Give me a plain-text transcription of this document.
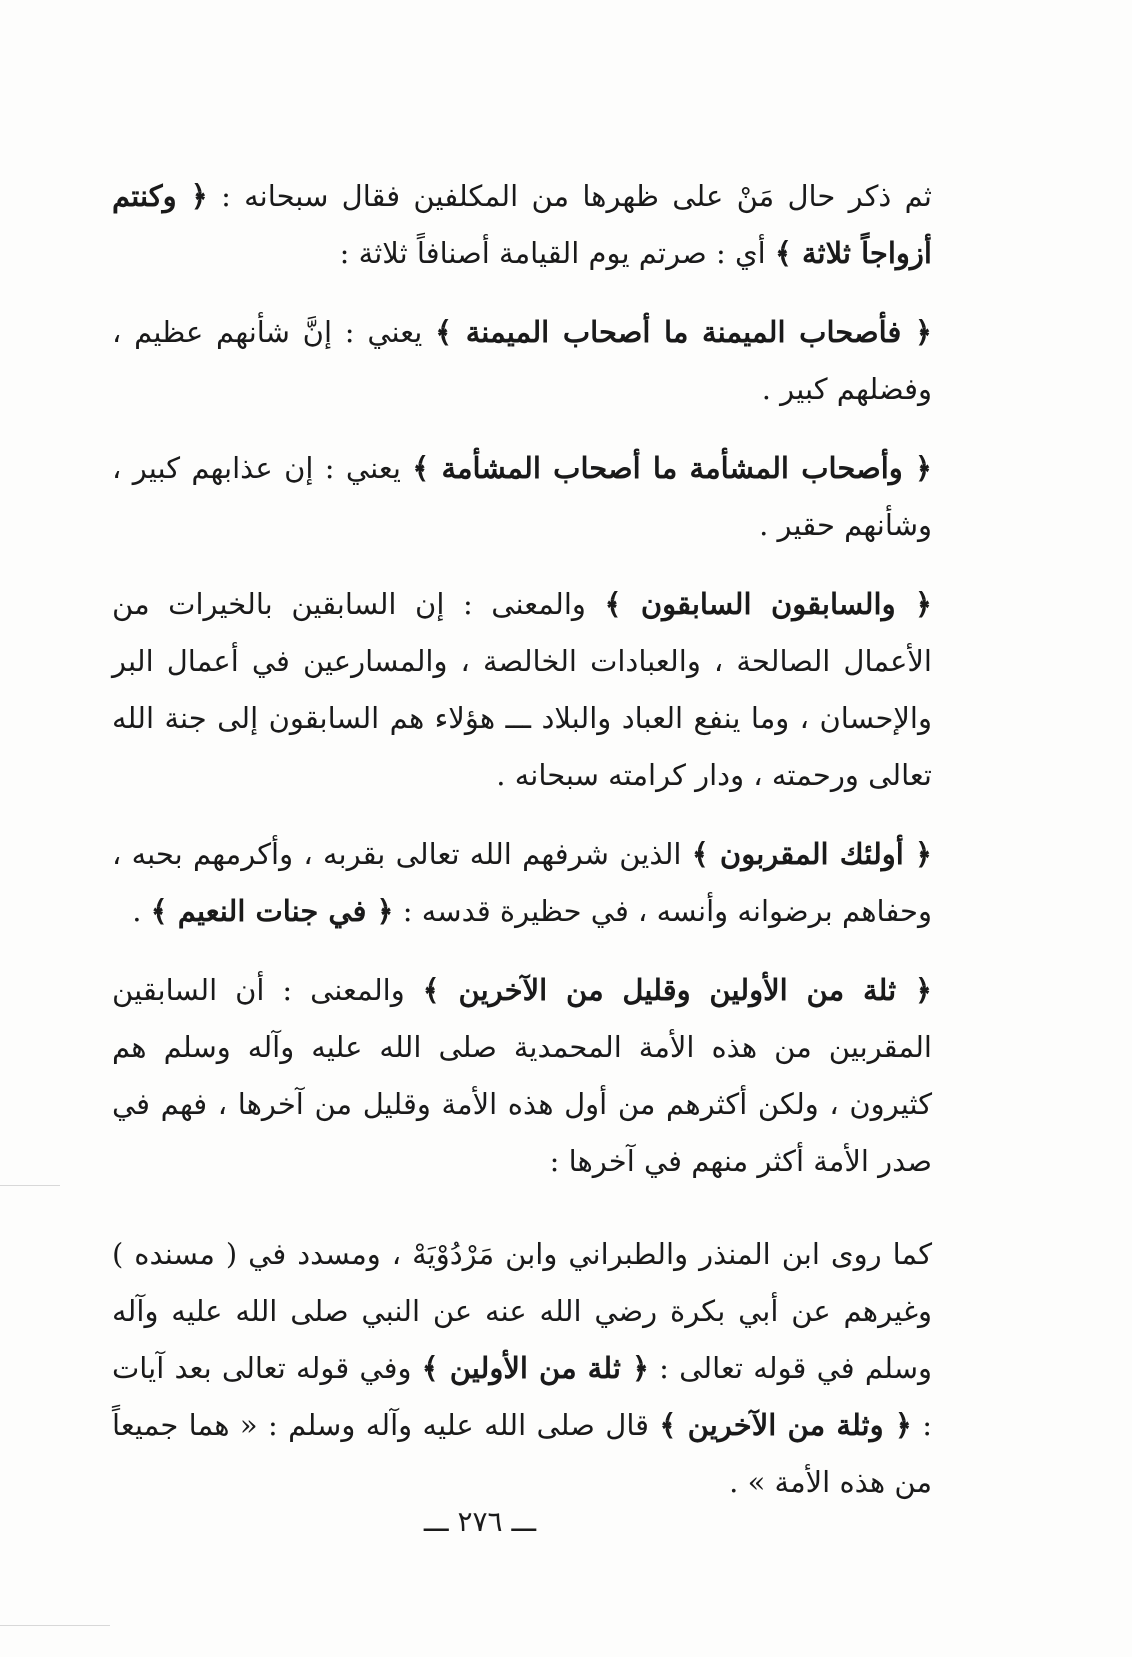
ثم ذكر حال مَنْ على ظهرها من المكلفين فقال سبحانه : ﴿ وكنتم أزواجاً ثلاثة ﴾ أي : صرتم يوم القيامة أصنافاً ثلاثة :

﴿ فأصحاب الميمنة ما أصحاب الميمنة ﴾ يعني : إنَّ شأنهم عظيم ، وفضلهم كبير .

﴿ وأصحاب المشأمة ما أصحاب المشأمة ﴾ يعني : إن عذابهم كبير ، وشأنهم حقير .

﴿ والسابقون السابقون ﴾ والمعنى : إن السابقين بالخيرات من الأعمال الصالحة ، والعبادات الخالصة ، والمسارعين في أعمال البر والإحسان ، وما ينفع العباد والبلاد ـــ هؤلاء هم السابقون إلى جنة الله تعالى ورحمته ، ودار كرامته سبحانه .

﴿ أولئك المقربون ﴾ الذين شرفهم الله تعالى بقربه ، وأكرمهم بحبه ، وحفاهم برضوانه وأنسه ، في حظيرة قدسه : ﴿ في جنات النعيم ﴾ .

﴿ ثلة من الأولين وقليل من الآخرين ﴾ والمعنى : أن السابقين المقربين من هذه الأمة المحمدية صلى الله عليه وآله وسلم هم كثيرون ، ولكن أكثرهم من أول هذه الأمة وقليل من آخرها ، فهم في صدر الأمة أكثر منهم في آخرها :

كما روى ابن المنذر والطبراني وابن مَرْدُوْيَهْ ، ومسدد في ( مسنده ) وغيرهم عن أبي بكرة رضي الله عنه عن النبي صلى الله عليه وآله وسلم في قوله تعالى : ﴿ ثلة من الأولين ﴾ وفي قوله تعالى بعد آيات : ﴿ وثلة من الآخرين ﴾ قال صلى الله عليه وآله وسلم : « هما جميعاً من هذه الأمة » .

ـــ ٢٧٦ ـــ
